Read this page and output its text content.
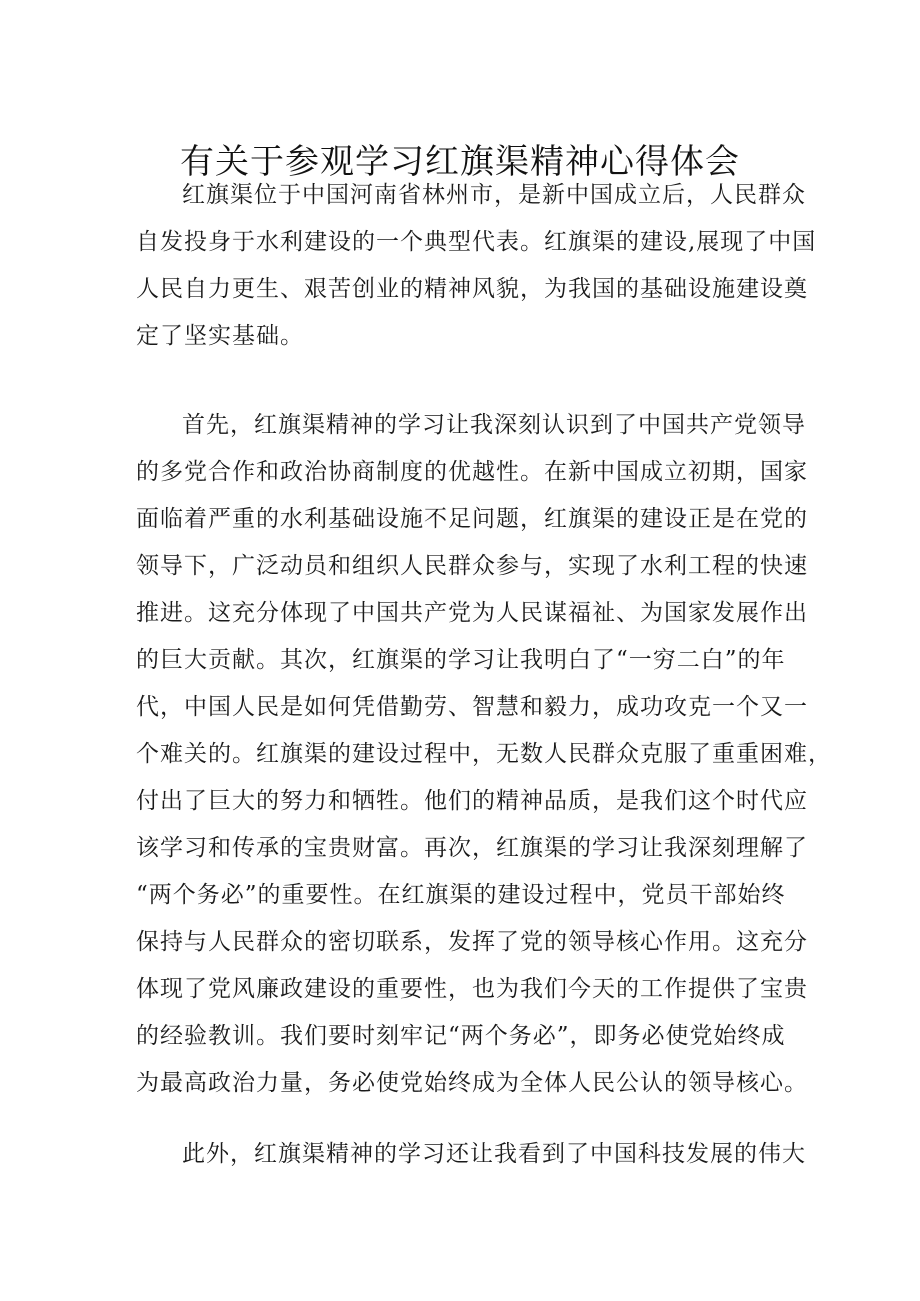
有关于参观学习红旗渠精神心得体会
红旗渠位于中国河南省林州市，是新中国成立后，人民群众
自发投身于水利建设的一个典型代表。红旗渠的建设,展现了中国
人民自力更生、艰苦创业的精神风貌，为我国的基础设施建设奠
定了坚实基础。
首先，红旗渠精神的学习让我深刻认识到了中国共产党领导
的多党合作和政治协商制度的优越性。在新中国成立初期，国家
面临着严重的水利基础设施不足问题，红旗渠的建设正是在党的
领导下，广泛动员和组织人民群众参与，实现了水利工程的快速
推进。这充分体现了中国共产党为人民谋福祉、为国家发展作出
的巨大贡献。其次，红旗渠的学习让我明白了“一穷二白”的年
代，中国人民是如何凭借勤劳、智慧和毅力，成功攻克一个又一
个难关的。红旗渠的建设过程中，无数人民群众克服了重重困难，
付出了巨大的努力和牺牲。他们的精神品质，是我们这个时代应
该学习和传承的宝贵财富。再次，红旗渠的学习让我深刻理解了
“两个务必”的重要性。在红旗渠的建设过程中，党员干部始终
保持与人民群众的密切联系，发挥了党的领导核心作用。这充分
体现了党风廉政建设的重要性，也为我们今天的工作提供了宝贵
的经验教训。我们要时刻牢记“两个务必”，即务必使党始终成
为最高政治力量，务必使党始终成为全体人民公认的领导核心。
此外，红旗渠精神的学习还让我看到了中国科技发展的伟大
